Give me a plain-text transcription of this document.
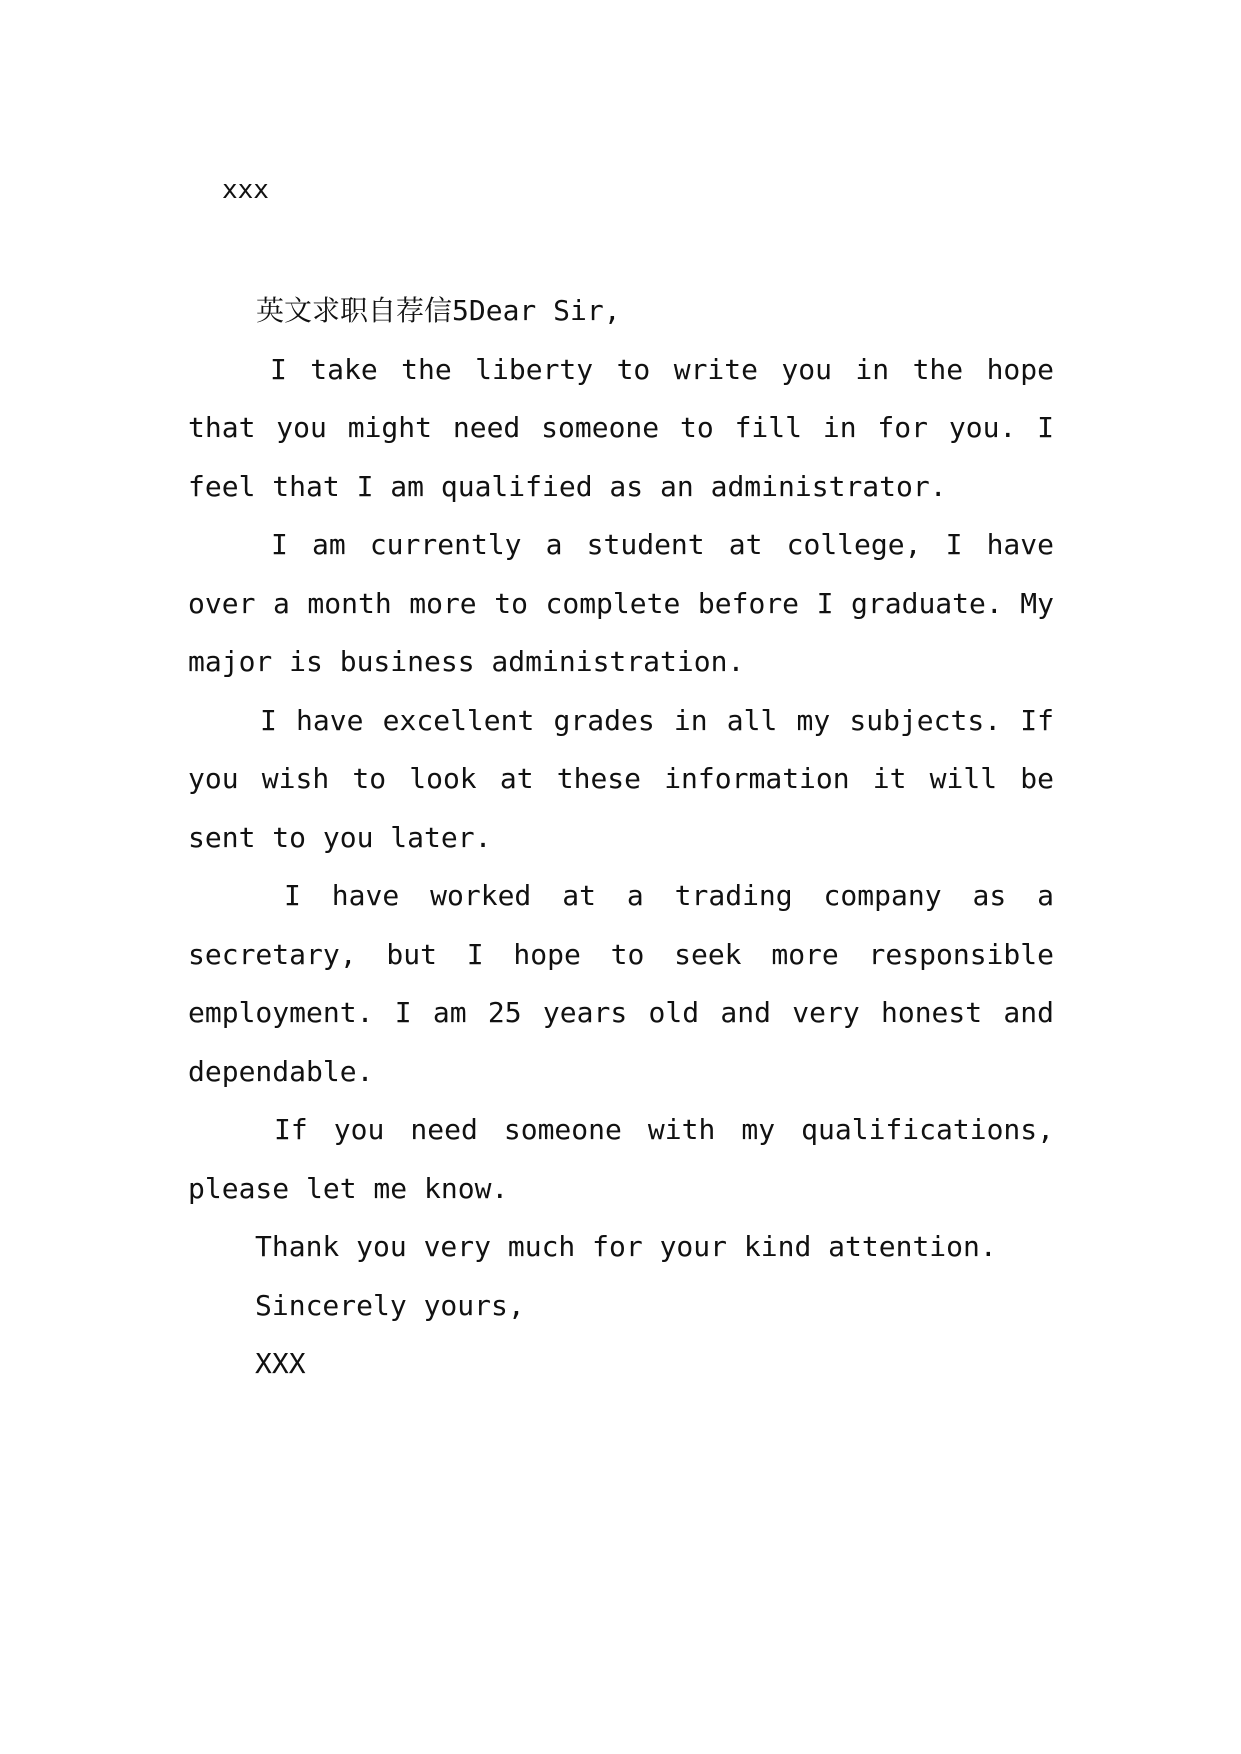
xxx

英文求职自荐信5Dear Sir,

I take the liberty to write you in the hope that you might need someone to fill in for you. I feel that I am qualified as an administrator.

I am currently a student at college, I have over a month more to complete before I graduate. My major is business administration.

I have excellent grades in all my subjects. If you wish to look at these information it will be sent to you later.

I have worked at a trading company as a secretary, but I hope to seek more responsible employment. I am 25 years old and very honest and dependable.

If you need someone with my qualifications, please let me know.

Thank you very much for your kind attention.

Sincerely yours,

XXX
